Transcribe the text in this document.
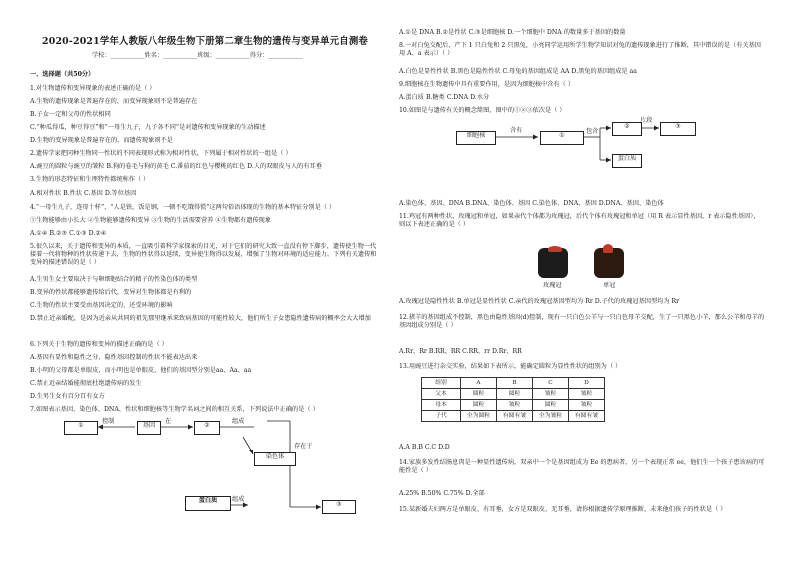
2020-2021学年人教版八年级生物下册第二章生物的遗传与变异单元自测卷
学校：___________姓名：___________班级：___________得分：___________
一、选择题（共50分）
1.对生物遗传和变异现象的表述正确的是（ ）
A.生物的遗传现象是普遍存在的，而变异现象则不是普遍存在
B.子女一定和父母的性状相同
C.“种瓜得瓜，种豆得豆”和“一母生九子，九子各不同”是对遗传和变异现象的生动描述
D.生物的变异现象是普遍存在的，而遗传现象则不是
2.遗传学家把同种生物同一性状的不同表现形式称为相对性状，下列属于相对性状的一组是（ ）
A.豌豆的圆粒与豌豆的皱粒 B.狗的卷毛与狗的黄毛 C.番茄的红色与樱桃的红色 D.人的双眼皮与人的有耳垂
3.生物的形态特征和生理特性都统称作（ ）
A.相对性状 B.性状 C.基因 D.等位基因
4.“一母生九子，连母十样”、“人是铁，饭是钢，一顿不吃饿得慌”这两句俗语体现的生物的基本特征分别是（ ）
①生物能够由小长大 ②生物能够遗传和变异 ③生物的生活需要营养 ④生物都有遗传现象
A.①④ B.②③ C.①③ D.②④
5.很久以来，关于遗传和变异的本质，一直吸引着科学家探索的目光，对于它们的研究大致一直没有停下脚步，遗传使生物一代接着一代将物种的性状传递下去，生物的性状得以延续，变异使生物得以发展，增强了生物对环境的适应能力。下列有关遗传和变异的描述错误的是（ ）
A.生男生女主要取决于与卵细胞结合的精子的性染色体的类型
B.变异的性状都能够遗传给后代，变异对生物体都是有利的
C.生物的性状主要受由基因决定的，还受环境的影响
D.禁止近亲婚配，是因为近亲从共同的祖先那里继承来致病基因的可能性较大，他们所生子女患隐性遗传病的概率会大大增加
6.下列关于生物的遗传和变异的描述正确的是（ ）
A.基因有显性和隐性之分，隐性基因控制的性状不能表达出来
B.小明的父母都是单眼皮，而小明也是单眼皮，他们的基因型分别是aa、Aa、aa
C.禁止近亲结婚能彻底杜绝遗传病的发生
D.生男生女有百分百有女方
7.如图表示基因、染色体、DNA、性状和细胞核等生物学名词之间的相互关系，下列说法中正确的是（ ）
①
控制
基因
在
②
组成
染色体
存在于
③
蛋白质	组成
A.①是 DNA B.②是性状 C.③是细胞核 D.一个细胞中 DNA 的数量多于基因的数量
8.一对白兔交配后，产下 1 只白兔和 2 只黑兔，小亮同学运用所学生物学知识对兔的遗传现象进行了推断，其中错误的是（有关基因用 A、a 表示）（ ）
A.白色是显性性状 B.黑色是隐性性状 C.母兔的基因组成是 AA D.黑兔的基因组成是 aa
9.细胞核在生物遗传中具有重要作用，是因为细胞核中含有（ ）
A.蛋白质 B.糖类 C.DNA D.水分
10.如图是与遗传有关的概念简图，图中的①②③依次是（ ）
细胞核
含有
①
包含
②
片段
③
蛋白质
A.染色体、基因、DNA B.DNA、染色体、基因 C.染色体、DNA、基因 D.DNA、基因、染色体
11.鸡冠有两种性状，玫瑰冠和单冠，如果亲代个体都为玫瑰冠，后代个体有玫瑰冠和单冠（用 R 表示显性基因，r 表示隐性基因），则以下表述正确的是（ ）
玫瑰冠	单冠
A.玫瑰冠是隐性性状 B.单冠是显性性状 C.亲代的玫瑰冠基因型均为 Rr D.子代的玫瑰冠基因型均为 Rr
12.猪羊的基因组成不控制，黑色由隐性基因(d)控制，现有一只白色公羊与一只白色母羊交配，生了一只黑色小羊，那么公羊和母羊的基因组成分别是（ ）
A.Rr、Rr B.RR、RR C.RR、rr D.Rr、RR
13.用豌豆进行杂交实验，结果如下表所示，能确定圆粒为显性性状的组别为（ ）
组别	A	B	C	D
父本	圆粒	圆粒	皱粒	皱粒
母本	圆粒	皱粒	圆粒	皱粒
子代	全为圆粒	有圆有皱	全为皱粒	有圆有皱
A.A B.B C.C D.D
14.家族多发性结肠息肉是一种显性遗传病，双亲中一个是基因组成为 Ee 的患病者，另一个表现正常 ee，他们生一个孩子患该病的可能性是（ ）
A.25% B.50% C.75% D.全部
15.某新婚夫妇两方是单眼皮、有耳垂，女方是双眼皮、无耳垂，请你根据遗传学原理推断，未来他们孩子的性状是（ ）
